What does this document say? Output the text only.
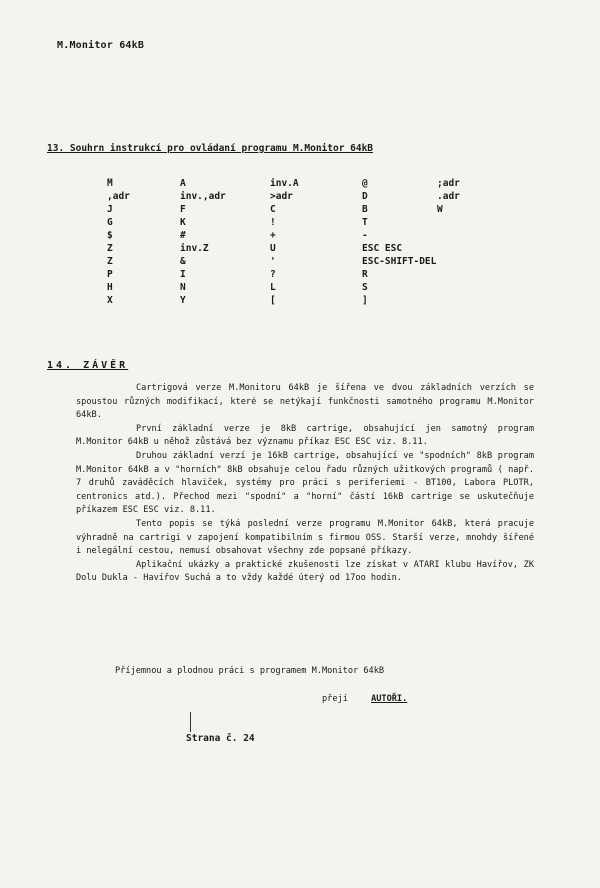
M.Monitor 64kB
13. Souhrn instrukcí pro ovládaní programu M.Monitor 64kB
_
M	A	inv.A	@	;adr
,adr	inv.,adr	>adr	D	.adr
J	F	C	B	W
G	K	!	T
$	#	+	-
Z	inv.Z	U	ESC ESC
Z	&	'	ESC-SHIFT-DEL
P	I	?	R
H	N	L	S
X	Y	[	]
14. ZÁVĚR

Cartrigová verze M.Monitoru 64kB je šířena ve dvou základních verzích se spoustou různých modifikací, které se netýkají funkčnosti samotného programu M.Monitor 64kB.

První základní verze je 8kB cartrige, obsahující jen samotný program M.Monitor 64kB u něhož zůstává bez významu příkaz ESC ESC viz. 8.11.

Druhou základní verzí je 16kB cartrige, obsahující ve "spodních" 8kB program M.Monitor 64kB a v "horních" 8kB obsahuje celou řadu různých užitkových programů ( např. 7 druhů zaváděcích hlaviček, systémy pro práci s periferiemi - BT100, Labora PLOTR, centronics atd.). Přechod mezi "spodní" a "horní" částí 16kB cartrige se uskutečňuje příkazem ESC ESC viz. 8.11.

Tento popis se týká poslední verze programu M.Monitor 64kB, která pracuje výhradně na cartrigi v zapojení kompatibilním s firmou OSS. Starší verze, mnohdy šířené i nelegální cestou, nemusí obsahovat všechny zde popsané příkazy.

Aplikační ukázky a praktické zkušenosti lze získat v ATARI klubu Havířov, ZK Dolu Dukla - Havířov Suchá a to vždy každé úterý od 17oo hodin.

Příjemnou a plodnou práci s programem M.Monitor 64kB
přejí	AUTOŘI.
Strana č. 24
